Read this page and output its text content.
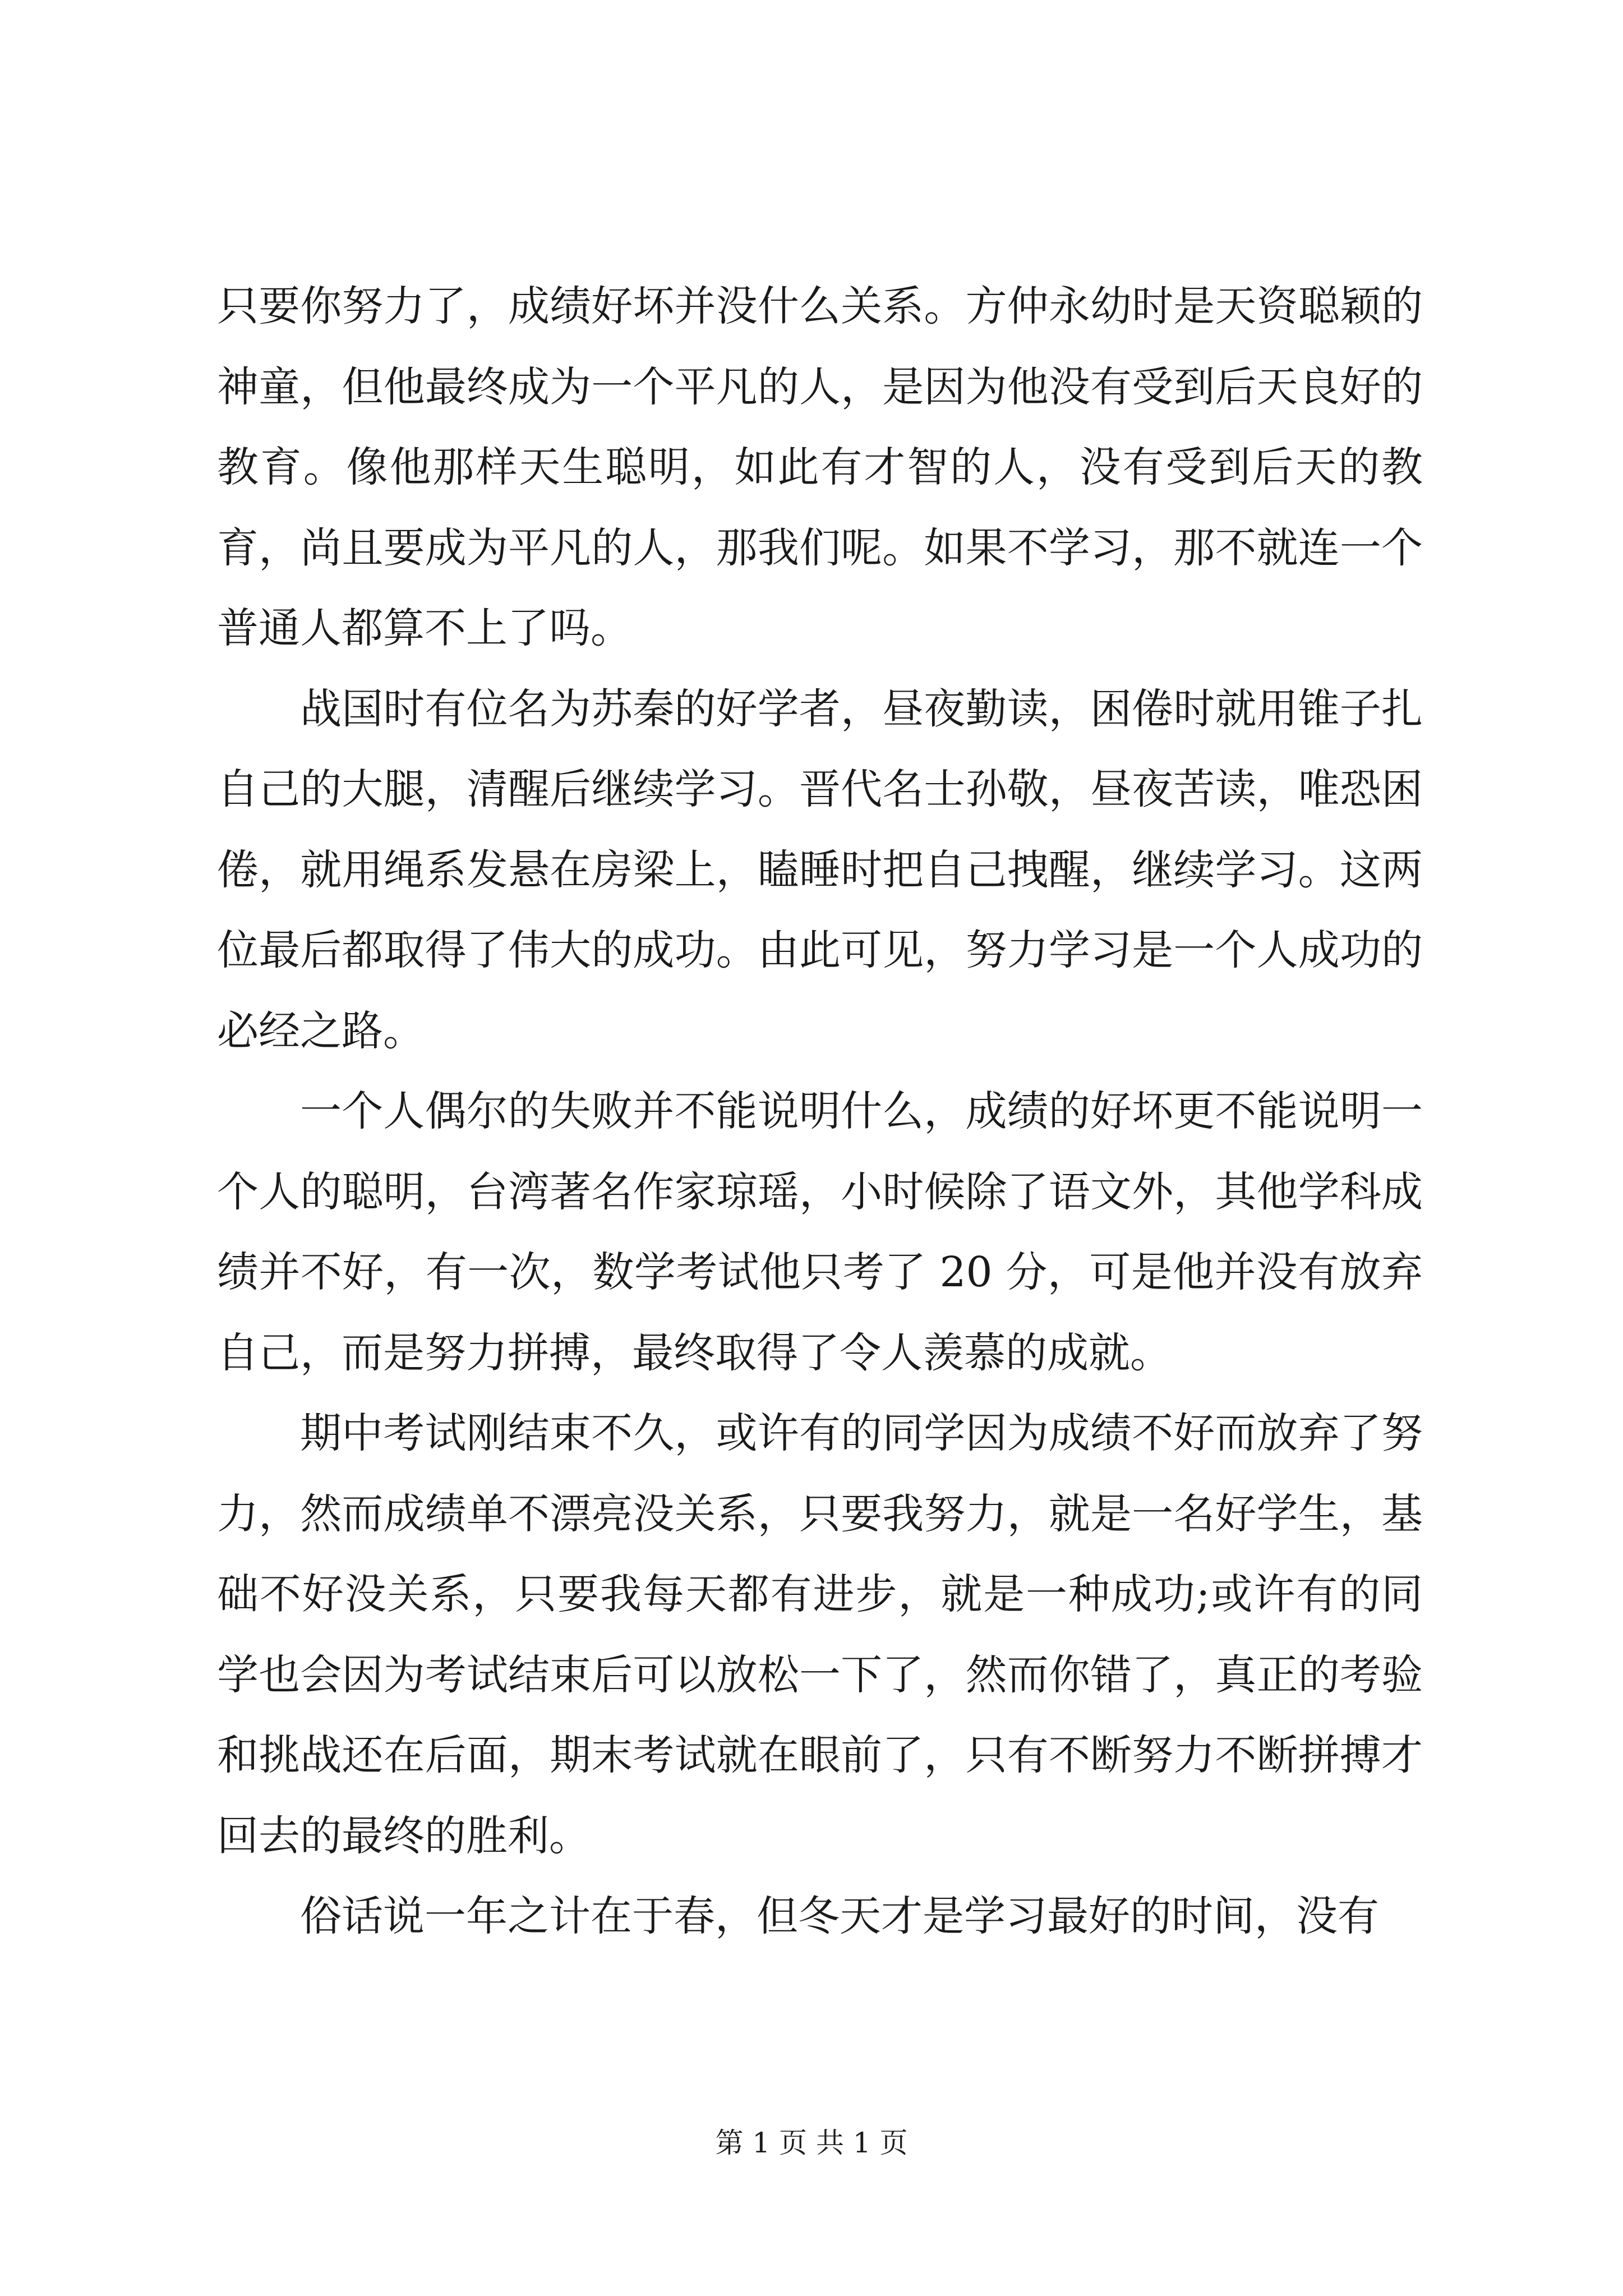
只要你努力了，成绩好坏并没什么关系。方仲永幼时是天资聪颖的神童，但他最终成为一个平凡的人，是因为他没有受到后天良好的教育。像他那样天生聪明，如此有才智的人，没有受到后天的教育，尚且要成为平凡的人，那我们呢。如果不学习，那不就连一个普通人都算不上了吗。

战国时有位名为苏秦的好学者，昼夜勤读，困倦时就用锥子扎自己的大腿，清醒后继续学习。晋代名士孙敬，昼夜苦读，唯恐困倦，就用绳系发悬在房梁上，瞌睡时把自己拽醒，继续学习。这两位最后都取得了伟大的成功。由此可见，努力学习是一个人成功的必经之路。

一个人偶尔的失败并不能说明什么，成绩的好坏更不能说明一个人的聪明，台湾著名作家琼瑶，小时候除了语文外，其他学科成绩并不好，有一次，数学考试他只考了 20 分，可是他并没有放弃自己，而是努力拼搏，最终取得了令人羡慕的成就。

期中考试刚结束不久，或许有的同学因为成绩不好而放弃了努力，然而成绩单不漂亮没关系，只要我努力，就是一名好学生，基础不好没关系，只要我每天都有进步，就是一种成功;或许有的同学也会因为考试结束后可以放松一下了，然而你错了，真正的考验和挑战还在后面，期末考试就在眼前了，只有不断努力不断拼搏才回去的最终的胜利。

俗话说一年之计在于春，但冬天才是学习最好的时间，没有

第 1 页 共 1 页
